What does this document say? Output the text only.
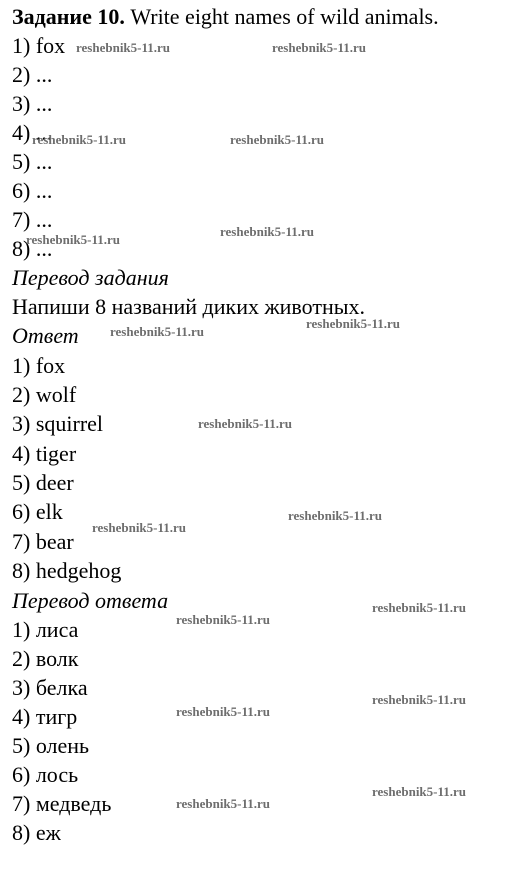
Задание 10. Write eight names of wild animals.
1) fox
2) ...
3) ...
4) ...
5) ...
6) ...
7) ...
8) ...
Перевод задания
Напиши 8 названий диких животных.
Ответ
1) fox
2) wolf
3) squirrel
4) tiger
5) deer
6) elk
7) bear
8) hedgehog
Перевод ответа
1) лиса
2) волк
3) белка
4) тигр
5) олень
6) лось
7) медведь
8) еж
reshebnik5-11.ru	reshebnik5-11.ru
reshebnik5-11.ru	reshebnik5-11.ru
reshebnik5-11.ru
reshebnik5-11.ru
reshebnik5-11.ru
reshebnik5-11.ru
reshebnik5-11.ru
reshebnik5-11.ru
reshebnik5-11.ru
reshebnik5-11.ru
reshebnik5-11.ru
reshebnik5-11.ru
reshebnik5-11.ru
reshebnik5-11.ru
reshebnik5-11.ru
